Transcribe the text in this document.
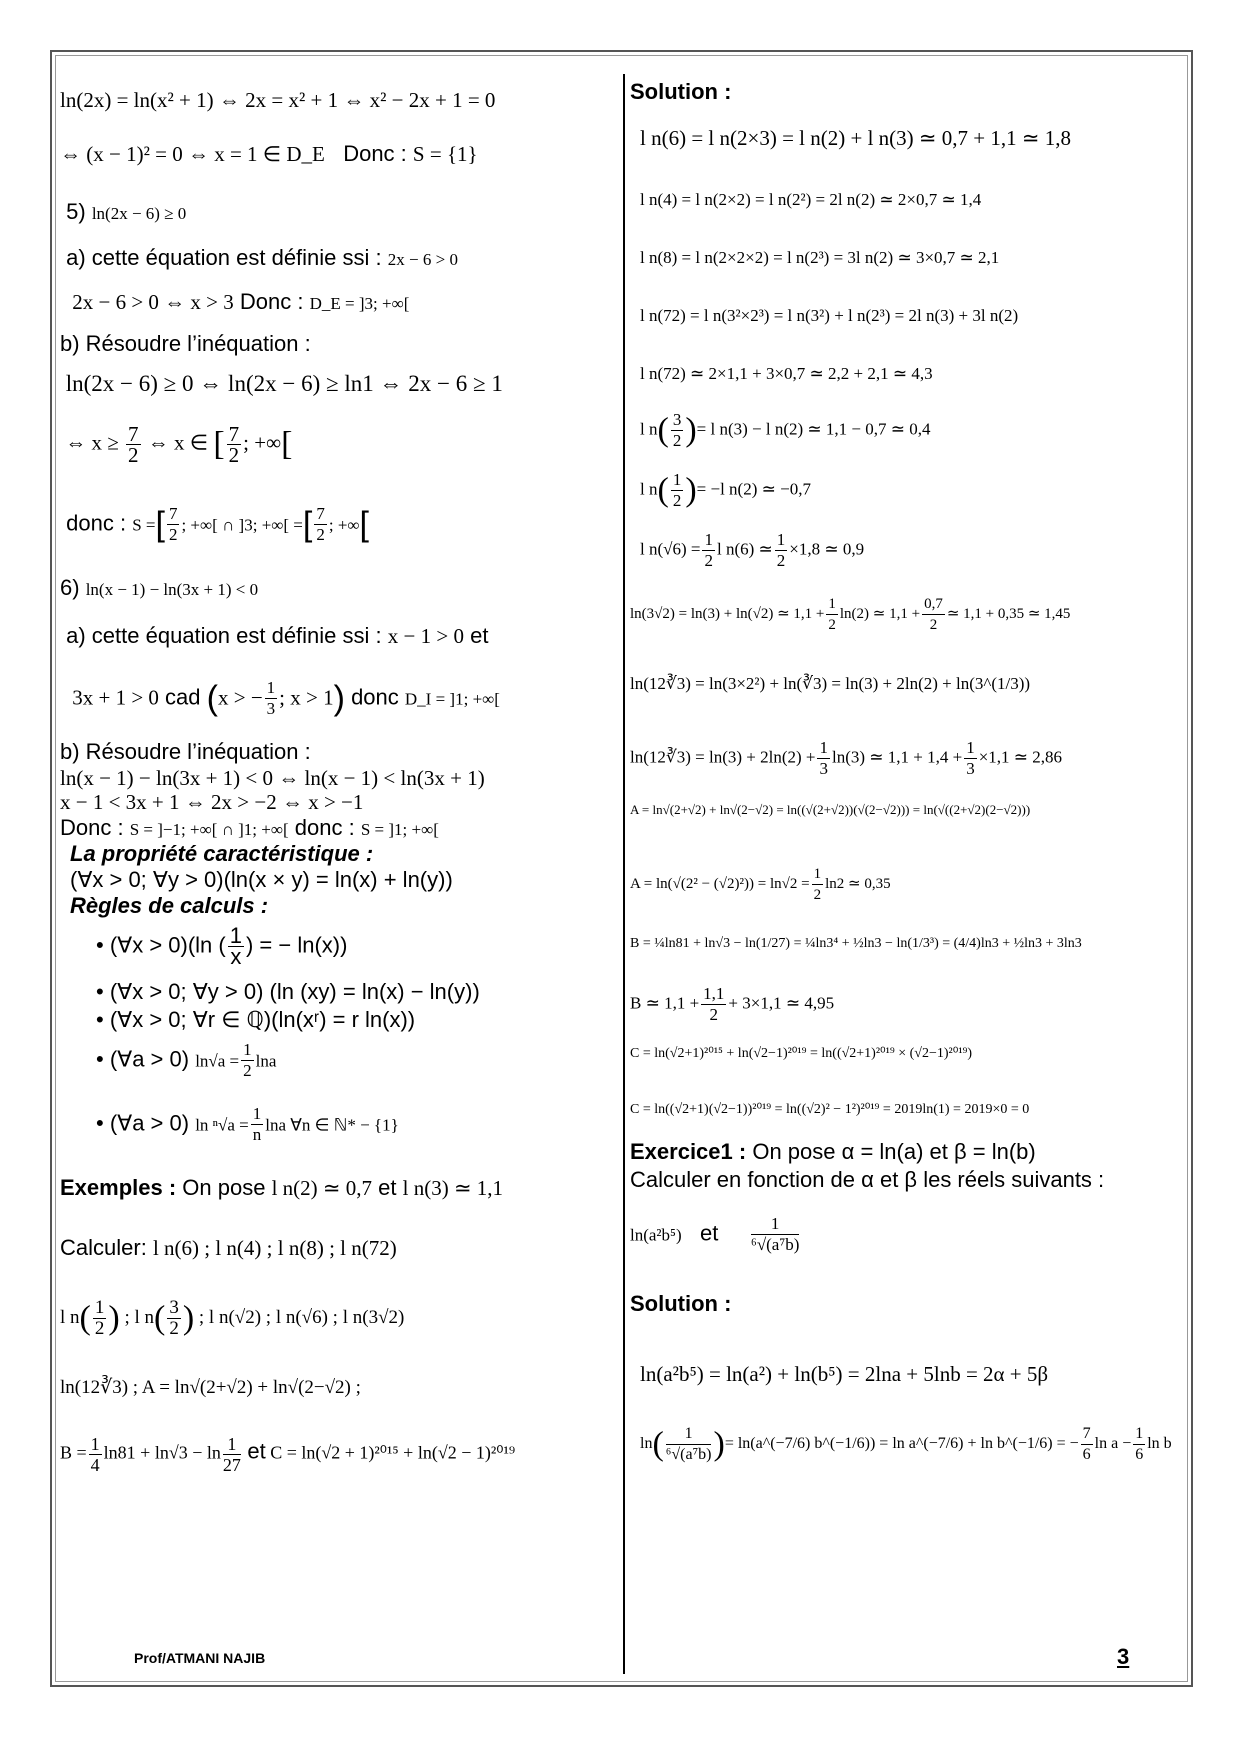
ln(2x) = ln(x² + 1) ⇔ 2x = x² + 1 ⇔ x² − 2x + 1 = 0
⇔ (x − 1)² = 0 ⇔ x = 1 ∈ D_E Donc : S = {1}
5) ln(2x − 6) ≥ 0
a) cette équation est définie ssi : 2x − 6 > 0
2x − 6 > 0 ⇔ x > 3 Donc : D_E = ]3; +∞[
b) Résoudre l’inéquation :
ln(2x − 6) ≥ 0 ⇔ ln(2x − 6) ≥ ln1 ⇔ 2x − 6 ≥ 1
⇔ $x \ge \frac{7}{2}$ ⇔ x ∈ [ $\frac{7}{2}$ ; +∞[
donc : S =[ $\frac{7}{2}$ ; +∞[ ∩ ]3; +∞[ =[ $\frac{7}{2}$ ; +∞[
6) ln(x − 1) − ln(3x + 1) < 0
a) cette équation est définie ssi : x − 1 > 0 et
3x + 1 > 0 cad (x > − $\frac{1}{3}$ ; x > 1) donc D_I = ]1; +∞[
b) Résoudre l’inéquation :
ln(x − 1) − ln(3x + 1) < 0 ⇔ ln(x − 1) < ln(3x + 1)
x − 1 < 3x + 1 ⇔ 2x > −2 ⇔ x > −1
Donc : S = ]−1; +∞[ ∩ ]1; +∞[ donc : S = ]1; +∞[
La propriété caractéristique :
(∀x > 0; ∀y > 0)(ln(x × y) = ln(x) + ln(y))
Règles de calculs :
• (∀x > 0)(ln ( $\frac{1}{x}$ ) = − ln(x))
• (∀x > 0; ∀y > 0) (ln (xy) = ln(x) − ln(y))
• (∀x > 0; ∀r ∈ ℚ)(ln(xʳ) = r ln(x))
• (∀a > 0) $\ln√a = \frac{1}{2}$ lna
• (∀a > 0) $\ln ^n√a = \frac{1}{n}$ lna ∀n ∈ ℕ* − {1}
Exemples : On pose l n(2) ≃ 0,7 et l n(3) ≃ 1,1
Calculer: l n(6) ; l n(4) ; l n(8) ; l n(72)
l $n( \frac{1}{2}$ ) ; l $n( \frac{3}{2}$ ) ; l n(√2) ; l n(√6) ; l n(3√2)
ln(12∛3) ; A = ln√(2+√2) + ln√(2−√2) ;
$B = \frac{1}{4} \ln 81 + \ln√3 - \ln \frac{1}{27}$ et C = ln(√2 + 1)²⁰¹⁵ + ln(√2 − 1)²⁰¹⁹
Solution :
l n(6) = l n(2×3) = l n(2) + l n(3) ≃ 0,7 + 1,1 ≃ 1,8
l n(4) = l n(2×2) = l n(2²) = 2l n(2) ≃ 2×0,7 ≃ 1,4
l n(8) = l n(2×2×2) = l n(2³) = 3l n(2) ≃ 3×0,7 ≃ 2,1
l n(72) = l n(3²×2³) = l n(3²) + l n(2³) = 2l n(3) + 3l n(2)
l n(72) ≃ 2×1,1 + 3×0,7 ≃ 2,2 + 2,1 ≃ 4,3
l $n( \frac{3}{2}$ )= l n(3) − l n(2) ≃ 1,1 − 0,7 ≃ 0,4
l $n( \frac{1}{2}$ )= −l n(2) ≃ −0,7
l $n(√6) = \frac{1}{2}$ l n(6) ≃ $\frac{1}{2} \times 1,8$ ≃ 0,9
ln(3√2) = ln(3) + ln(√2) ≃ $1,1 + \frac{1}{2} \ln(2)$ ≃ $1,1 + \frac{0,7}{2}$ ≃ 1,1 + 0,35 ≃ 1,45
ln(12∛3) = ln(3×2²) + ln(∛3) = ln(3) + 2ln(2) + ln(3^(1/3))
ln(12∛3) = $\ln(3) + 2\ln(2) + \frac{1}{3} \ln(3)$ ≃ $1,1 + 1,4 + \frac{1}{3} \times 1,1$ ≃ 2,86
A = ln√(2+√2) + ln√(2−√2) = ln((√(2+√2))(√(2−√2))) = ln(√((2+√2)(2−√2)))
$A = \ln(√(2^2 - (√2)^2)) = \ln√2 = \frac{1}{2} \ln 2$ ≃ 0,35
B = ¼ln81 + ln√3 − ln(1/27) = ¼ln3⁴ + ½ln3 − ln(1/3³) = (4/4)ln3 + ½ln3 + 3ln3
B ≃ $1,1 + \frac{1,1}{2} + 3\times 1,1$ ≃ 4,95
C = ln(√2+1)²⁰¹⁵ + ln(√2−1)²⁰¹⁹ = ln((√2+1)²⁰¹⁹ × (√2−1)²⁰¹⁹)
C = ln((√2+1)(√2−1))²⁰¹⁹ = ln((√2)² − 1²)²⁰¹⁹ = 2019ln(1) = 2019×0 = 0
Exercice1 : On pose α = ln(a) et β = ln(b)
Calculer en fonction de α et β les réels suivants :
ln(a²b⁵) et $\frac{1}{\text{⁶√(a⁷b)}}$
Solution :
ln(a²b⁵) = ln(a²) + ln(b⁵) = 2lna + 5lnb = 2α + 5β
$\ln( \frac{1}{\text{⁶√(a⁷b)}}$ )= ln(a^(−7/6) b^(−1/6)) = ln a^(−7/6) + ln b^(−1/6) = − $\frac{7}{6}$ $\ln a - \frac{1}{6}$ ln b
Prof/ATMANI NAJIB	3
